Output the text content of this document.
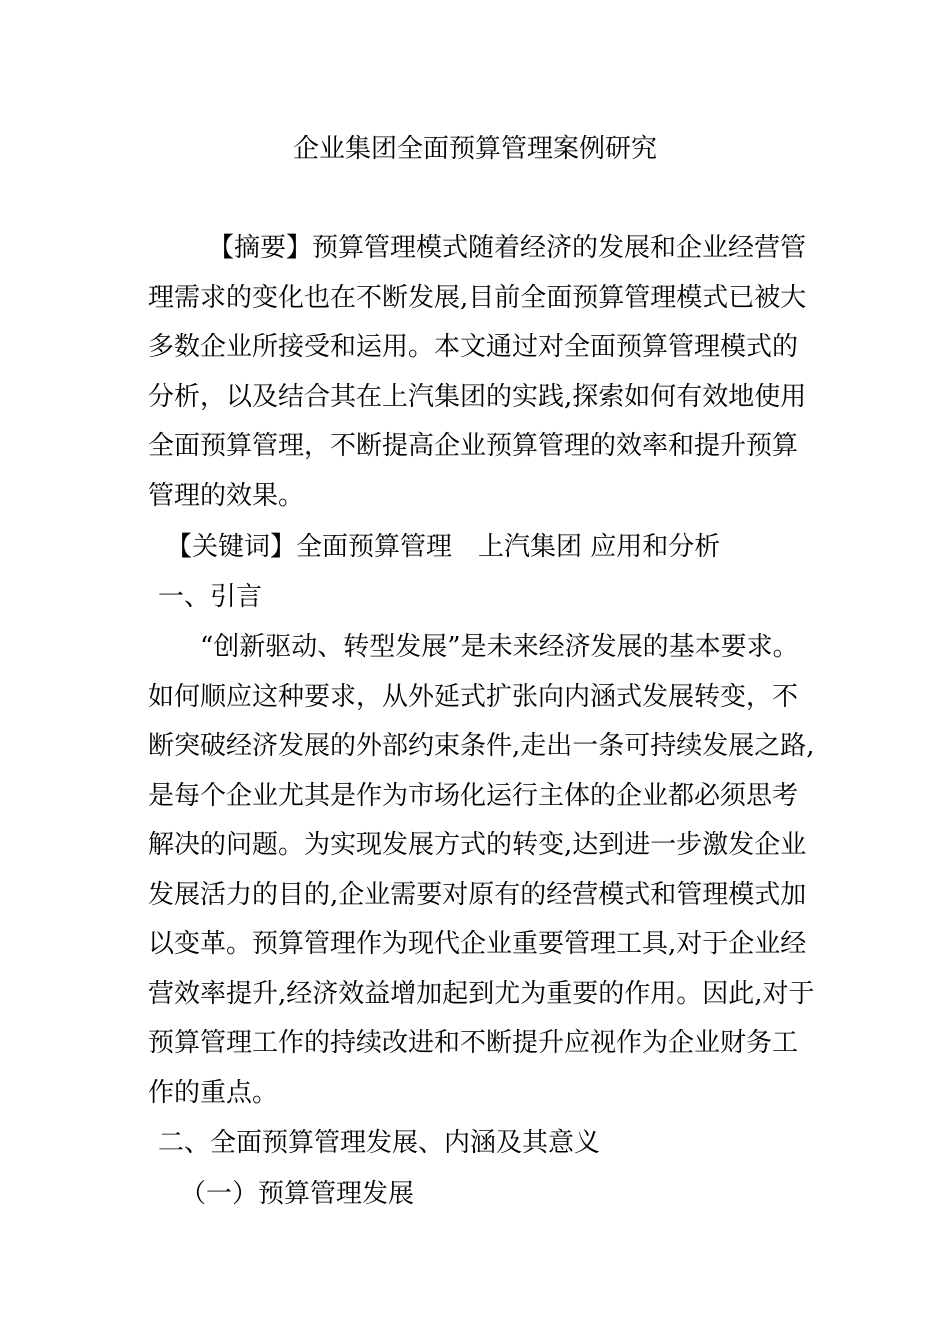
企业集团全面预算管理案例研究
【摘要】预算管理模式随着经济的发展和企业经营管
理需求的变化也在不断发展,目前全面预算管理模式已被大
多数企业所接受和运用。本文通过对全面预算管理模式的
分析，以及结合其在上汽集团的实践,探索如何有效地使用
全面预算管理，不断提高企业预算管理的效率和提升预算
管理的效果。
【关键词】全面预算管理 上汽集团 应用和分析
一、引言
“创新驱动、转型发展”是未来经济发展的基本要求。
如何顺应这种要求，从外延式扩张向内涵式发展转变，不
断突破经济发展的外部约束条件,走出一条可持续发展之路,
是每个企业尤其是作为市场化运行主体的企业都必须思考
解决的问题。为实现发展方式的转变,达到进一步激发企业
发展活力的目的,企业需要对原有的经营模式和管理模式加
以变革。预算管理作为现代企业重要管理工具,对于企业经
营效率提升,经济效益增加起到尤为重要的作用。因此,对于
预算管理工作的持续改进和不断提升应视作为企业财务工
作的重点。
二、全面预算管理发展、内涵及其意义
（一）预算管理发展
